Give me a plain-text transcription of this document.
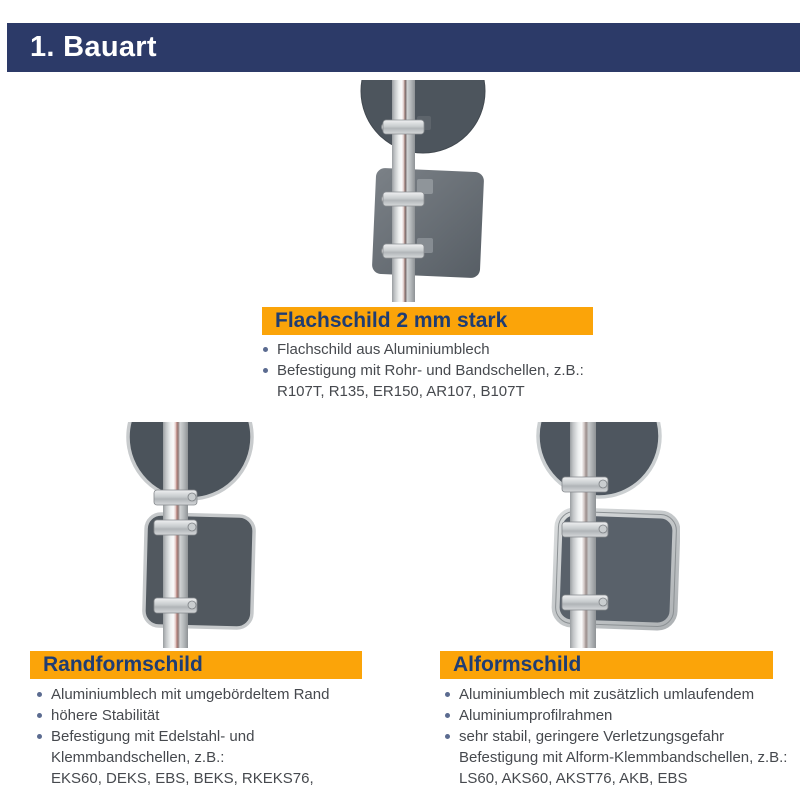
1. Bauart
Flachschild 2 mm stark
Flachschild aus Aluminiumblech
Befestigung mit Rohr- und Bandschellen, z.B.:
R107T, R135, ER150, AR107, B107T
Randformschild
Aluminiumblech mit umgebördeltem Rand
höhere Stabilität
Befestigung mit Edelstahl- und
Klemmbandschellen, z.B.:
EKS60, DEKS, EBS, BEKS, RKEKS76,
Alformschild
Aluminiumblech mit zusätzlich umlaufendem
Aluminiumprofilrahmen
sehr stabil, geringere Verletzungsgefahr
Befestigung mit Alform-Klemmbandschellen, z.B.:
LS60, AKS60, AKST76, AKB, EBS
